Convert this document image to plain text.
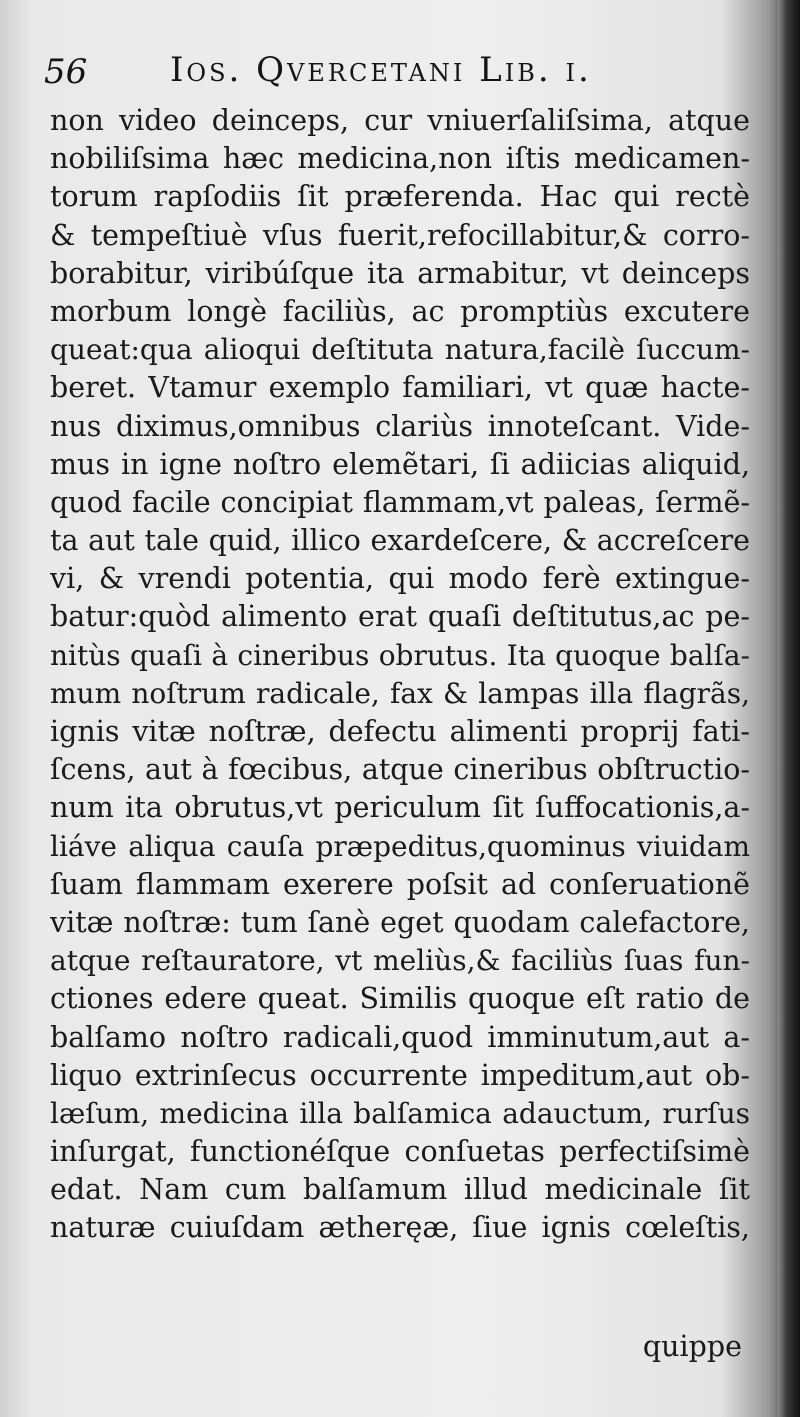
56 Ios. Qvercetani Lib. i.
non video deinceps, cur vniuerſaliſsima, atque
nobiliſsima hæc medicina,non iſtis medicamen-
torum rapſodiis ſit præferenda. Hac qui rectè
& tempeſtiuè vſus fuerit,refocillabitur,& corro-
borabitur, viribúſque ita armabitur, vt deinceps
morbum longè faciliùs, ac promptiùs excutere
queat:qua alioqui deſtituta natura,facilè ſuccum-
beret. Vtamur exemplo familiari, vt quæ hacte-
nus diximus,omnibus clariùs innoteſcant. Vide-
mus in igne noſtro elemẽtari, ſi adiicias aliquid,
quod facile concipiat flammam,vt paleas, ſermẽ-
ta aut tale quid, illico exardeſcere, & accreſcere
vi, & vrendi potentia, qui modo ferè extingue-
batur:quòd alimento erat quaſi deſtitutus,ac pe-
nitùs quaſi à cineribus obrutus. Ita quoque balſa-
mum noſtrum radicale, fax & lampas illa flagrãs,
ignis vitæ noſtræ, defectu alimenti proprij fati-
ſcens, aut à fœcibus, atque cineribus obſtructio-
num ita obrutus,vt periculum ſit ſuffocationis,a-
liáve aliqua cauſa præpeditus,quominus viuidam
ſuam flammam exerere poſsit ad conſeruationẽ
vitæ noſtræ: tum ſanè eget quodam calefactore,
atque reſtauratore, vt meliùs,& faciliùs ſuas fun-
ctiones edere queat. Similis quoque eſt ratio de
balſamo noſtro radicali,quod imminutum,aut a-
liquo extrinſecus occurrente impeditum,aut ob-
læſum, medicina illa balſamica adauctum, rurſus
inſurgat, functionéſque conſuetas perfectiſsimè
edat. Nam cum balſamum illud medicinale ſit
naturæ cuiuſdam ætheręæ, ſiue ignis cœleſtis,
quippe
